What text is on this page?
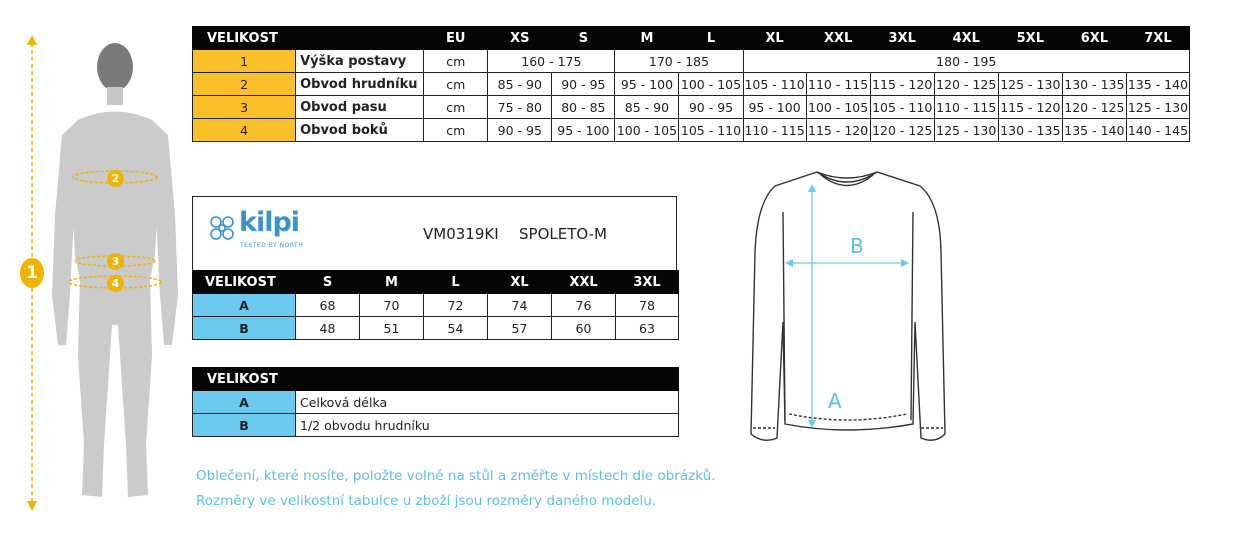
1
2
3
4
VELIKOST		EU	XS	S	M	L	XL	XXL	3XL	4XL	5XL	6XL	7XL
1	Výška postavy	cm	160 - 175		170 - 185		180 - 195						
2	Obvod hrudníku	cm	85 - 90	90 - 95	95 - 100	100 - 105	105 - 110	110 - 115	115 - 120	120 - 125	125 - 130	130 - 135	135 - 140
3	Obvod pasu	cm	75 - 80	80 - 85	85 - 90	90 - 95	95 - 100	100 - 105	105 - 110	110 - 115	115 - 120	120 - 125	125 - 130
4	Obvod boků	cm	90 - 95	95 - 100	100 - 105	105 - 110	110 - 115	115 - 120	120 - 125	125 - 130	130 - 135	135 - 140	140 - 145
kilpi
TESTED BY NORTH
VM0319KI SPOLETO-M
VELIKOST	S	M	L	XL	XXL	3XL
A	68	70	72	74	76	78
B	48	51	54	57	60	63
VELIKOST	
A	Celková délka
B	1/2 obvodu hrudníku
B
A
Oblečení, které nosíte, položte volně na stůl a změřte v místech dle obrázků.
Rozměry ve velikostní tabulce u zboží jsou rozměry daného modelu.
